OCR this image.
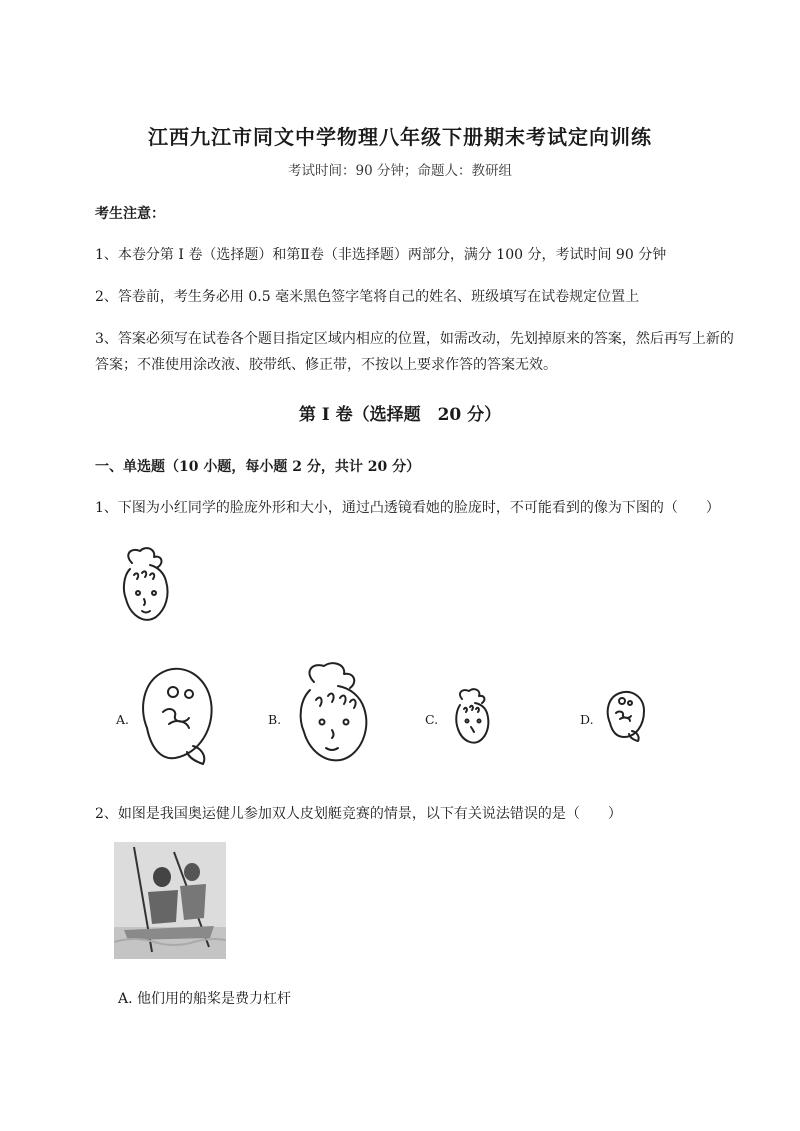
江西九江市同文中学物理八年级下册期末考试定向训练
考试时间：90 分钟；命题人：教研组
考生注意：
1、本卷分第 I 卷（选择题）和第Ⅱ卷（非选择题）两部分，满分 100 分，考试时间 90 分钟
2、答卷前，考生务必用 0.5 毫米黑色签字笔将自己的姓名、班级填写在试卷规定位置上
3、答案必须写在试卷各个题目指定区域内相应的位置，如需改动，先划掉原来的答案，然后再写上新的答案；不准使用涂改液、胶带纸、修正带，不按以上要求作答的答案无效。
第 I 卷（选择题　20 分）
一、单选题（10 小题，每小题 2 分，共计 20 分）
1、下图为小红同学的脸庞外形和大小，通过凸透镜看她的脸庞时，不可能看到的像为下图的（　　）
A.	B.	C.	D.
2、如图是我国奥运健儿参加双人皮划艇竞赛的情景，以下有关说法错误的是（　　）
A. 他们用的船桨是费力杠杆
